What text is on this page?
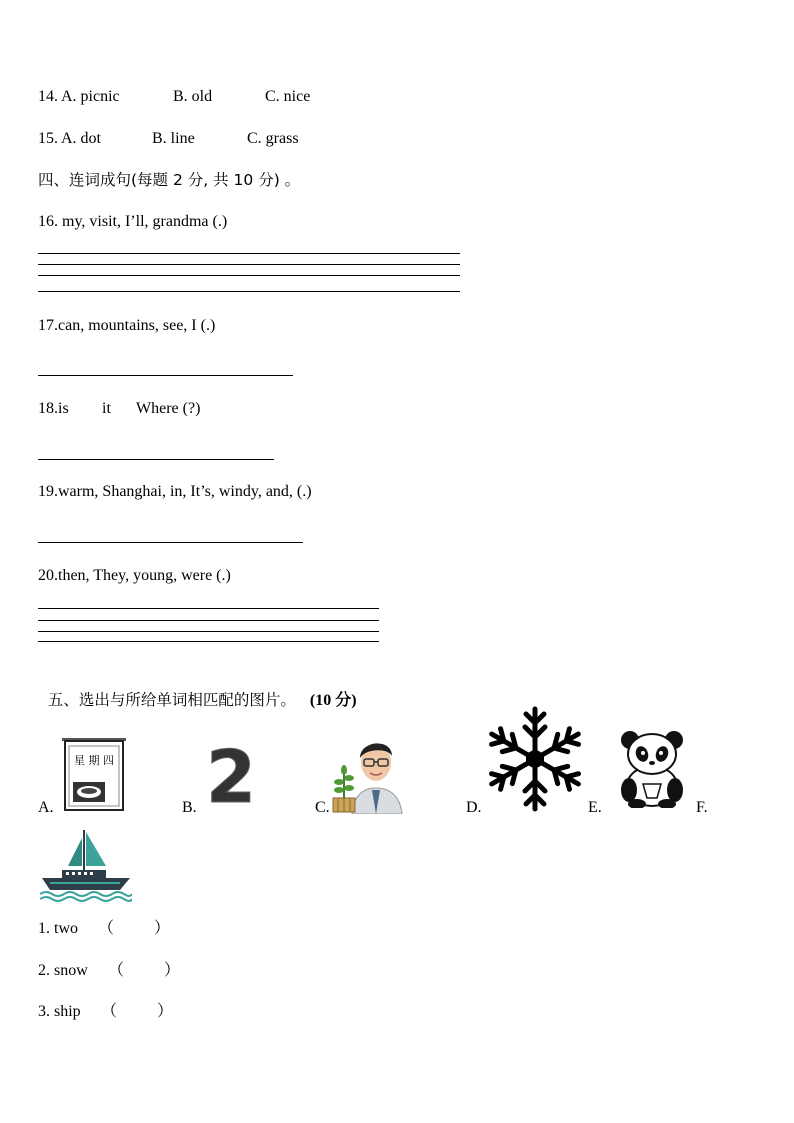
14. A. picnic	B. old	C. nice
15. A. dot	B. line	C. grass
四、连词成句(每题 2 分, 共 10 分) 。
16. my, visit, I’ll, grandma (.)
17.can, mountains, see, I (.)
18.is it Where (?)
19.warm, Shanghai, in, It’s, windy, and, (.)
20.then, They, young, were (.)

五、选出与所给单词相匹配的图片。 (10 分)

A.
星 期 四
B. 2	C.	D.	E.	F.
1. two （          ）
2. snow （          ）
3. ship （          ）
